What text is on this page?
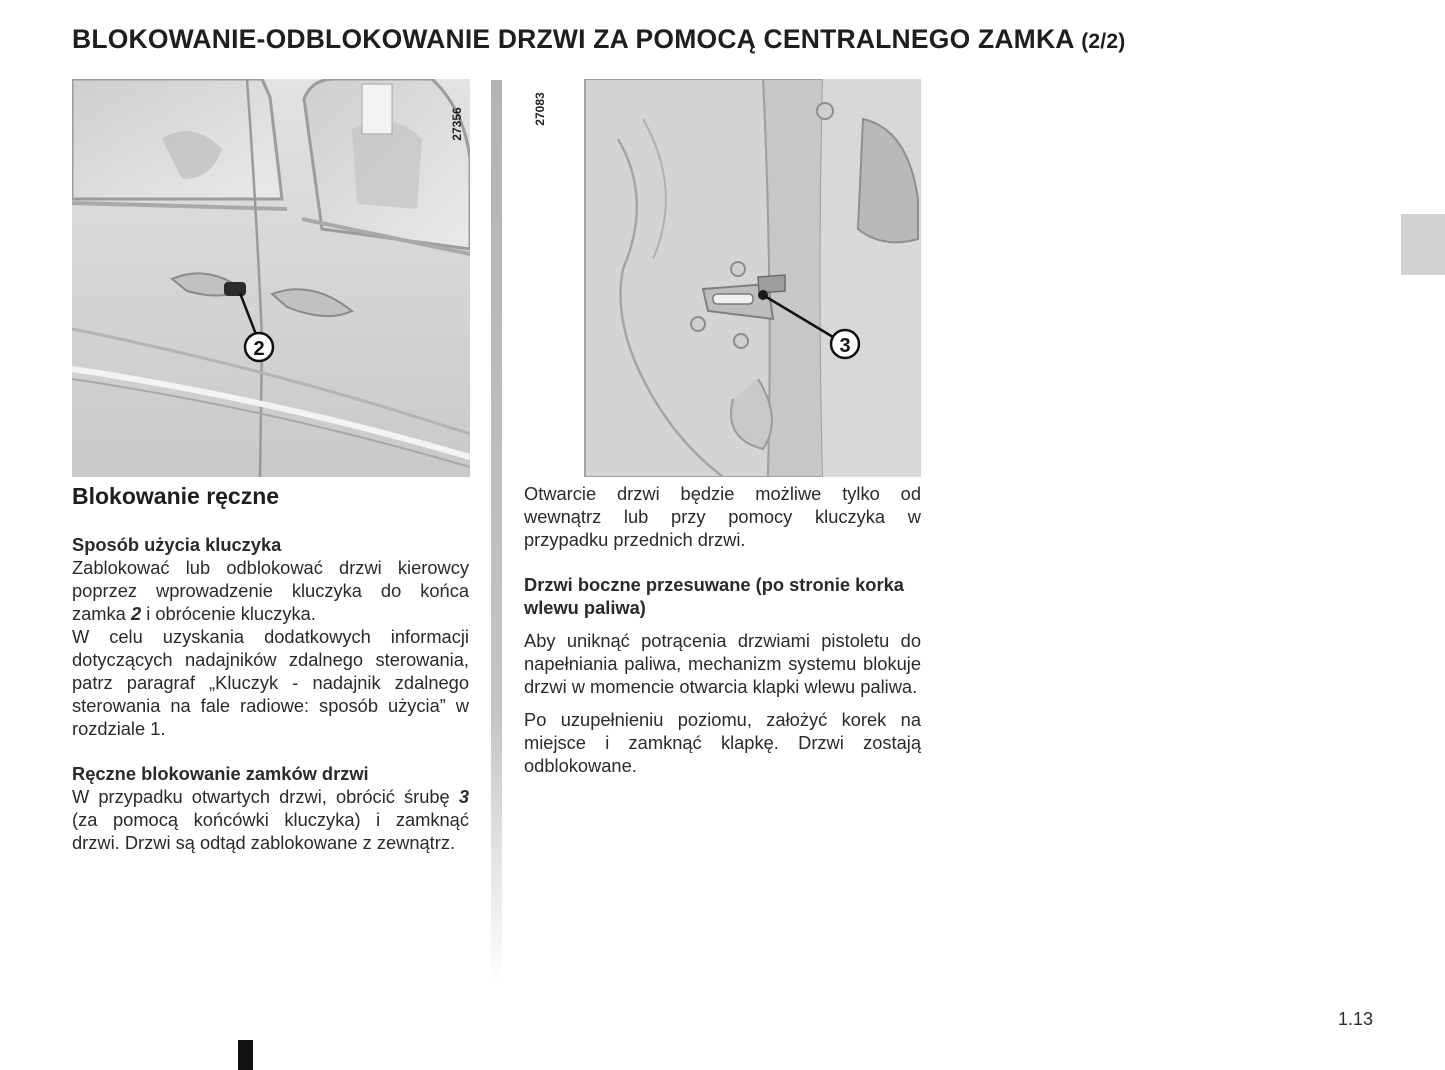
BLOKOWANIE-ODBLOKOWANIE DRZWI ZA POMOCĄ CENTRALNEGO ZAMKA (2/2)
2
27356
3
27083

Blokowanie ręczne

Sposób użycia kluczyka

Zablokować lub odblokować drzwi kierowcy poprzez wprowadzenie kluczyka do końca zamka 2 i obrócenie kluczyka.

W celu uzyskania dodatkowych informacji dotyczących nadajników zdalnego sterowania, patrz paragraf „Kluczyk - nadajnik zdalnego sterowania na fale radiowe: sposób użycia” w rozdziale 1.

Ręczne blokowanie zamków drzwi

W przypadku otwartych drzwi, obrócić śrubę 3 (za pomocą końcówki kluczyka) i zamknąć drzwi. Drzwi są odtąd zablokowane z zewnątrz.

Otwarcie drzwi będzie możliwe tylko od wewnątrz lub przy pomocy kluczyka w przypadku przednich drzwi.

Drzwi boczne przesuwane (po stronie korka wlewu paliwa)

Aby uniknąć potrącenia drzwiami pistoletu do napełniania paliwa, mechanizm systemu blokuje drzwi w momencie otwarcia klapki wlewu paliwa.

Po uzupełnieniu poziomu, założyć korek na miejsce i zamknąć klapkę. Drzwi zostają odblokowane.

1.13
